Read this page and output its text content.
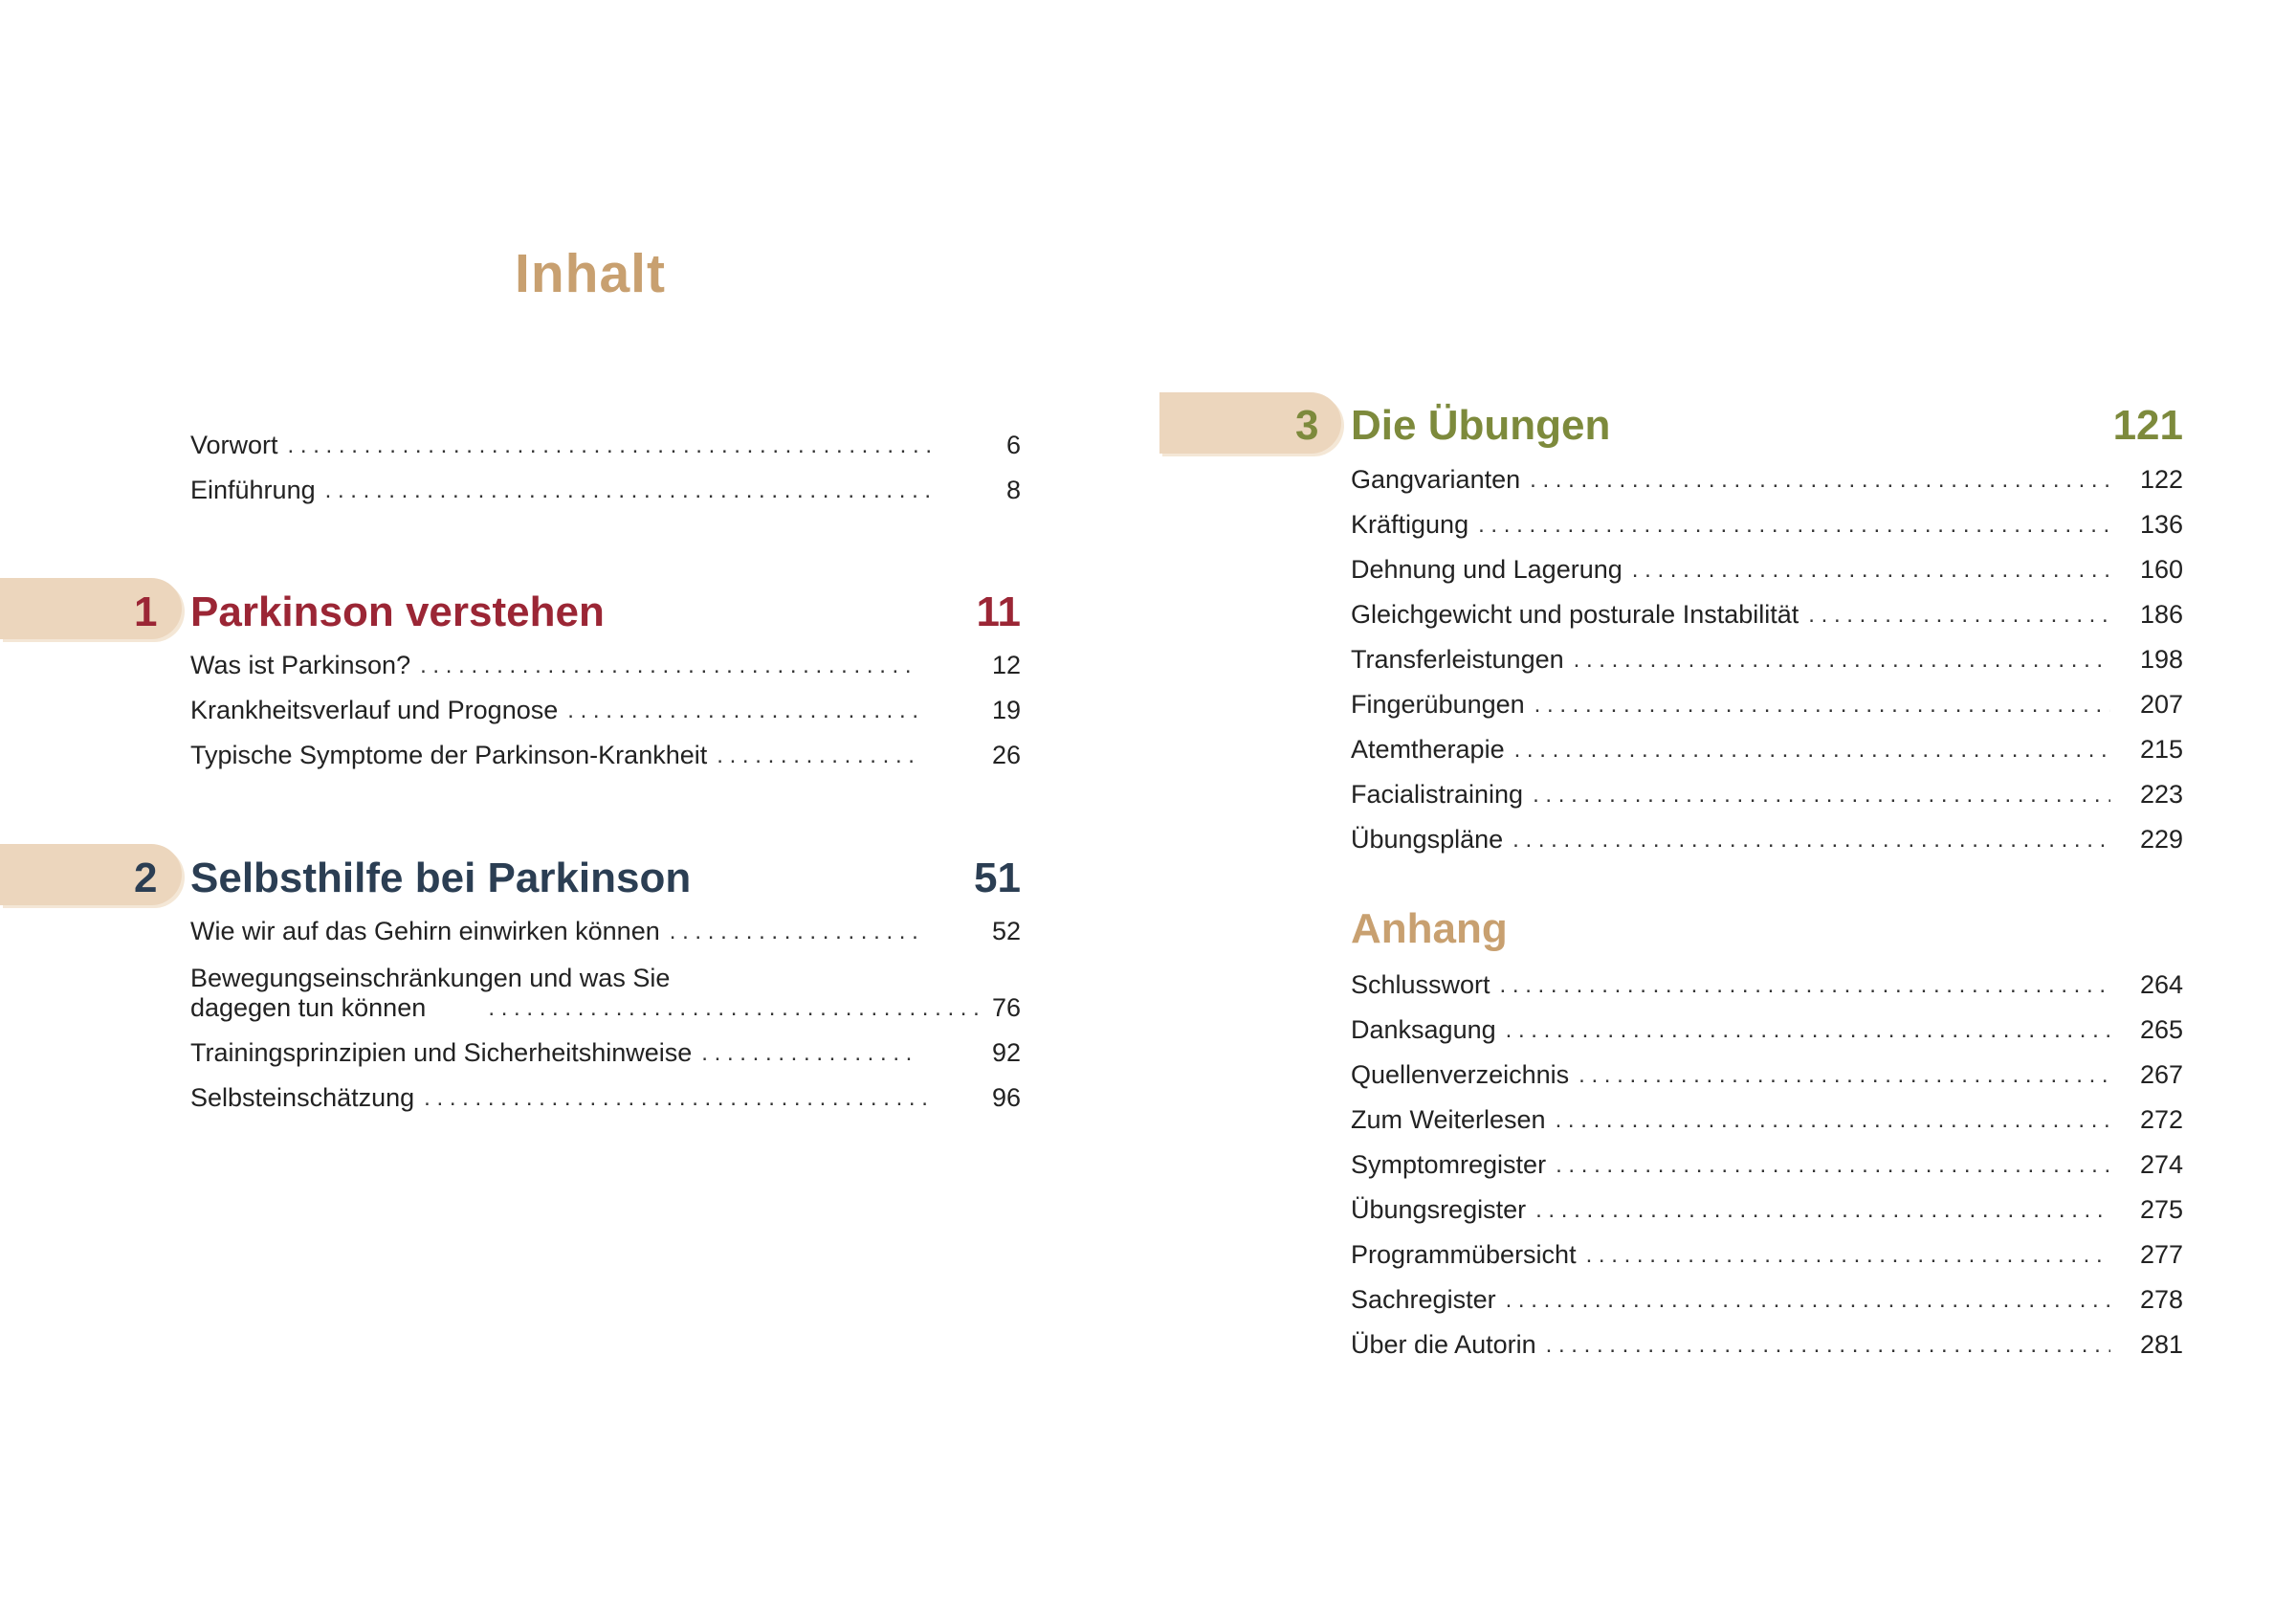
Inhalt
Vorwort . . .	6
Einführung . . .	8
1 Parkinson verstehen	11
Was ist Parkinson? . . .	12
Krankheitsverlauf und Prognose . . .	19
Typische Symptome der Parkinson-Krankheit . . .	26
2 Selbsthilfe bei Parkinson	51
Wie wir auf das Gehirn einwirken können . . .	52
Bewegungseinschränkungen und was Sie
dagegen tun können . . .	76
Trainingsprinzipien und Sicherheitshinweise . . .	92
Selbsteinschätzung . . .	96
3 Die Übungen	121
Gangvarianten . . .	122
Kräftigung . . .	136
Dehnung und Lagerung . . .	160
Gleichgewicht und posturale Instabilität . . .	186
Transferleistungen . . .	198
Fingerübungen . . .	207
Atemtherapie . . .	215
Facialistraining . . .	223
Übungspläne . . .	229
Anhang
Schlusswort . . .	264
Danksagung . . .	265
Quellenverzeichnis . . .	267
Zum Weiterlesen . . .	272
Symptomregister . . .	274
Übungsregister . . .	275
Programmübersicht . . .	277
Sachregister . . .	278
Über die Autorin . . .	281
